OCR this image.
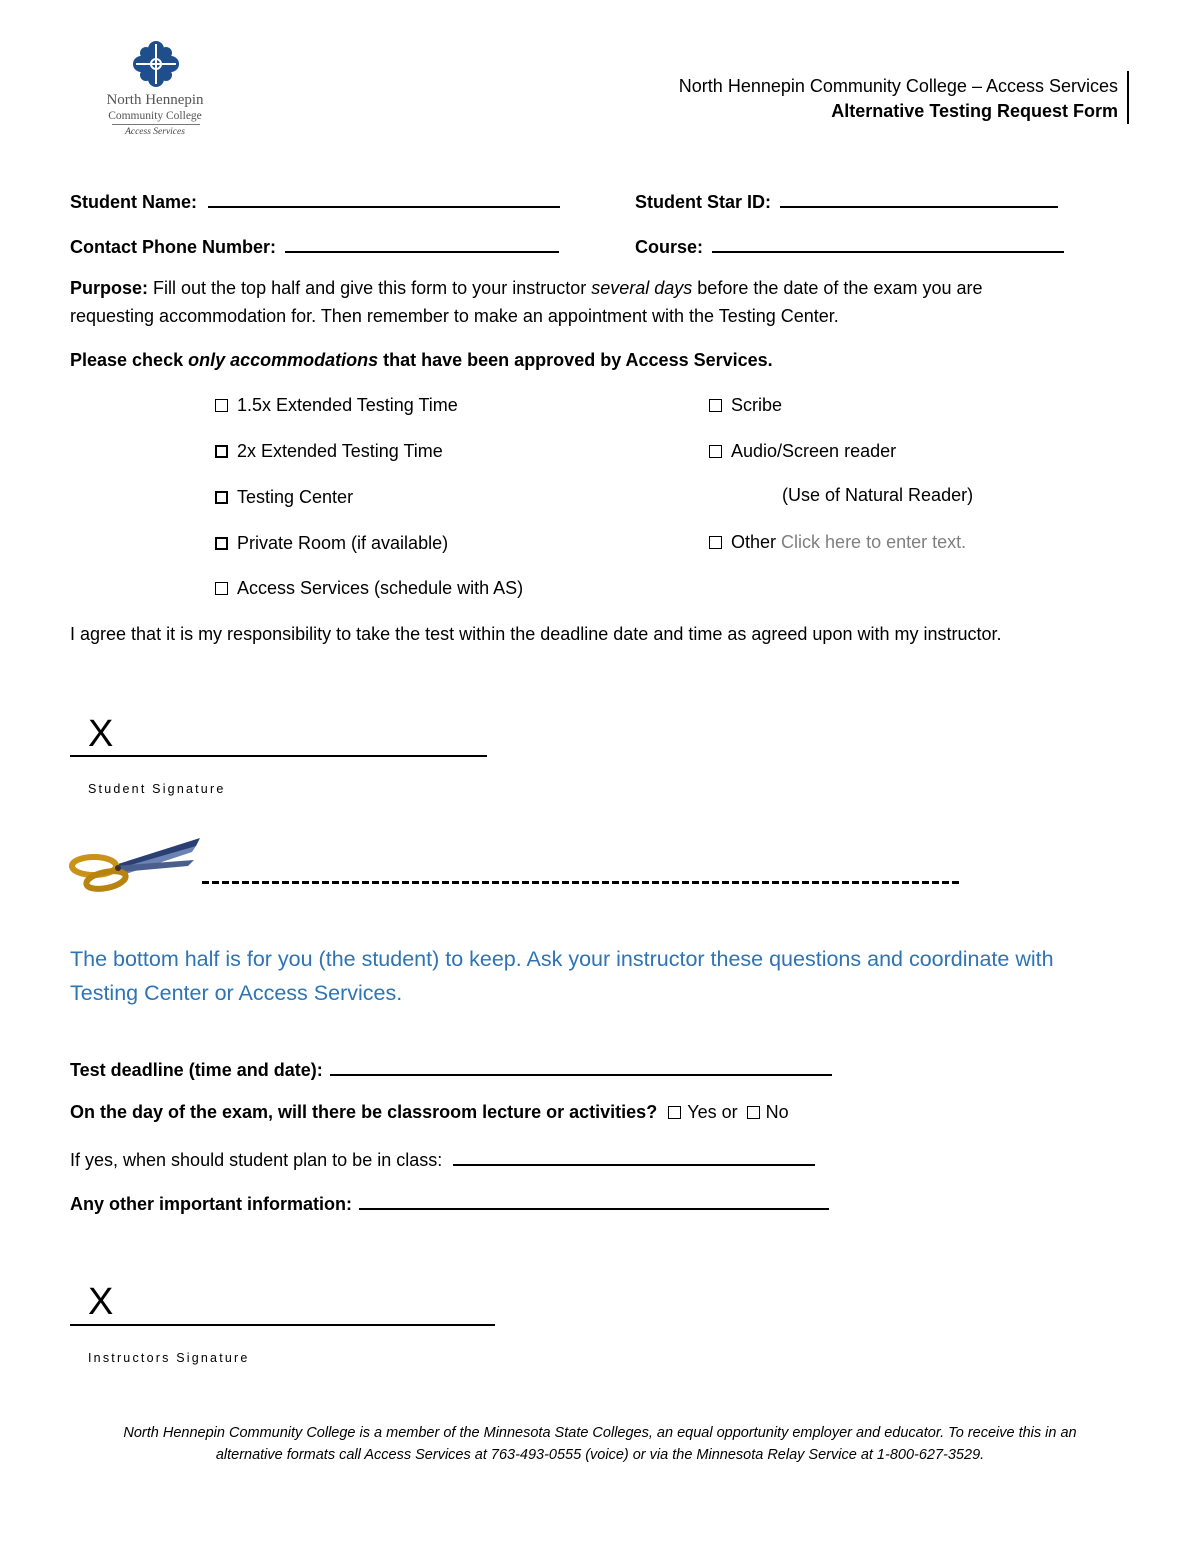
North Hennepin
Community College
Access Services
North Hennepin Community College – Access Services
Alternative Testing Request Form
Student Name:	Student Star ID:
Contact Phone Number:	Course:
Purpose: Fill out the top half and give this form to your instructor several days before the date of the exam you are
requesting accommodation for. Then remember to make an appointment with the Testing Center.
Please check only accommodations that have been approved by Access Services.
1.5x Extended Testing Time
2x Extended Testing Time
Testing Center
Private Room (if available)
Access Services (schedule with AS)
Scribe
Audio/Screen reader
(Use of Natural Reader)
Other Click here to enter text.
I agree that it is my responsibility to take the test within the deadline date and time as agreed upon with my instructor.
X
Student Signature
The bottom half is for you (the student) to keep. Ask your instructor these questions and coordinate with
Testing Center or Access Services.
Test deadline (time and date):
On the day of the exam, will there be classroom lecture or activities? Yes or No
If yes, when should student plan to be in class:
Any other important information:
X
Instructors Signature
North Hennepin Community College is a member of the Minnesota State Colleges, an equal opportunity employer and educator. To receive this in an
alternative formats call Access Services at 763-493-0555 (voice) or via the Minnesota Relay Service at 1-800-627-3529.
